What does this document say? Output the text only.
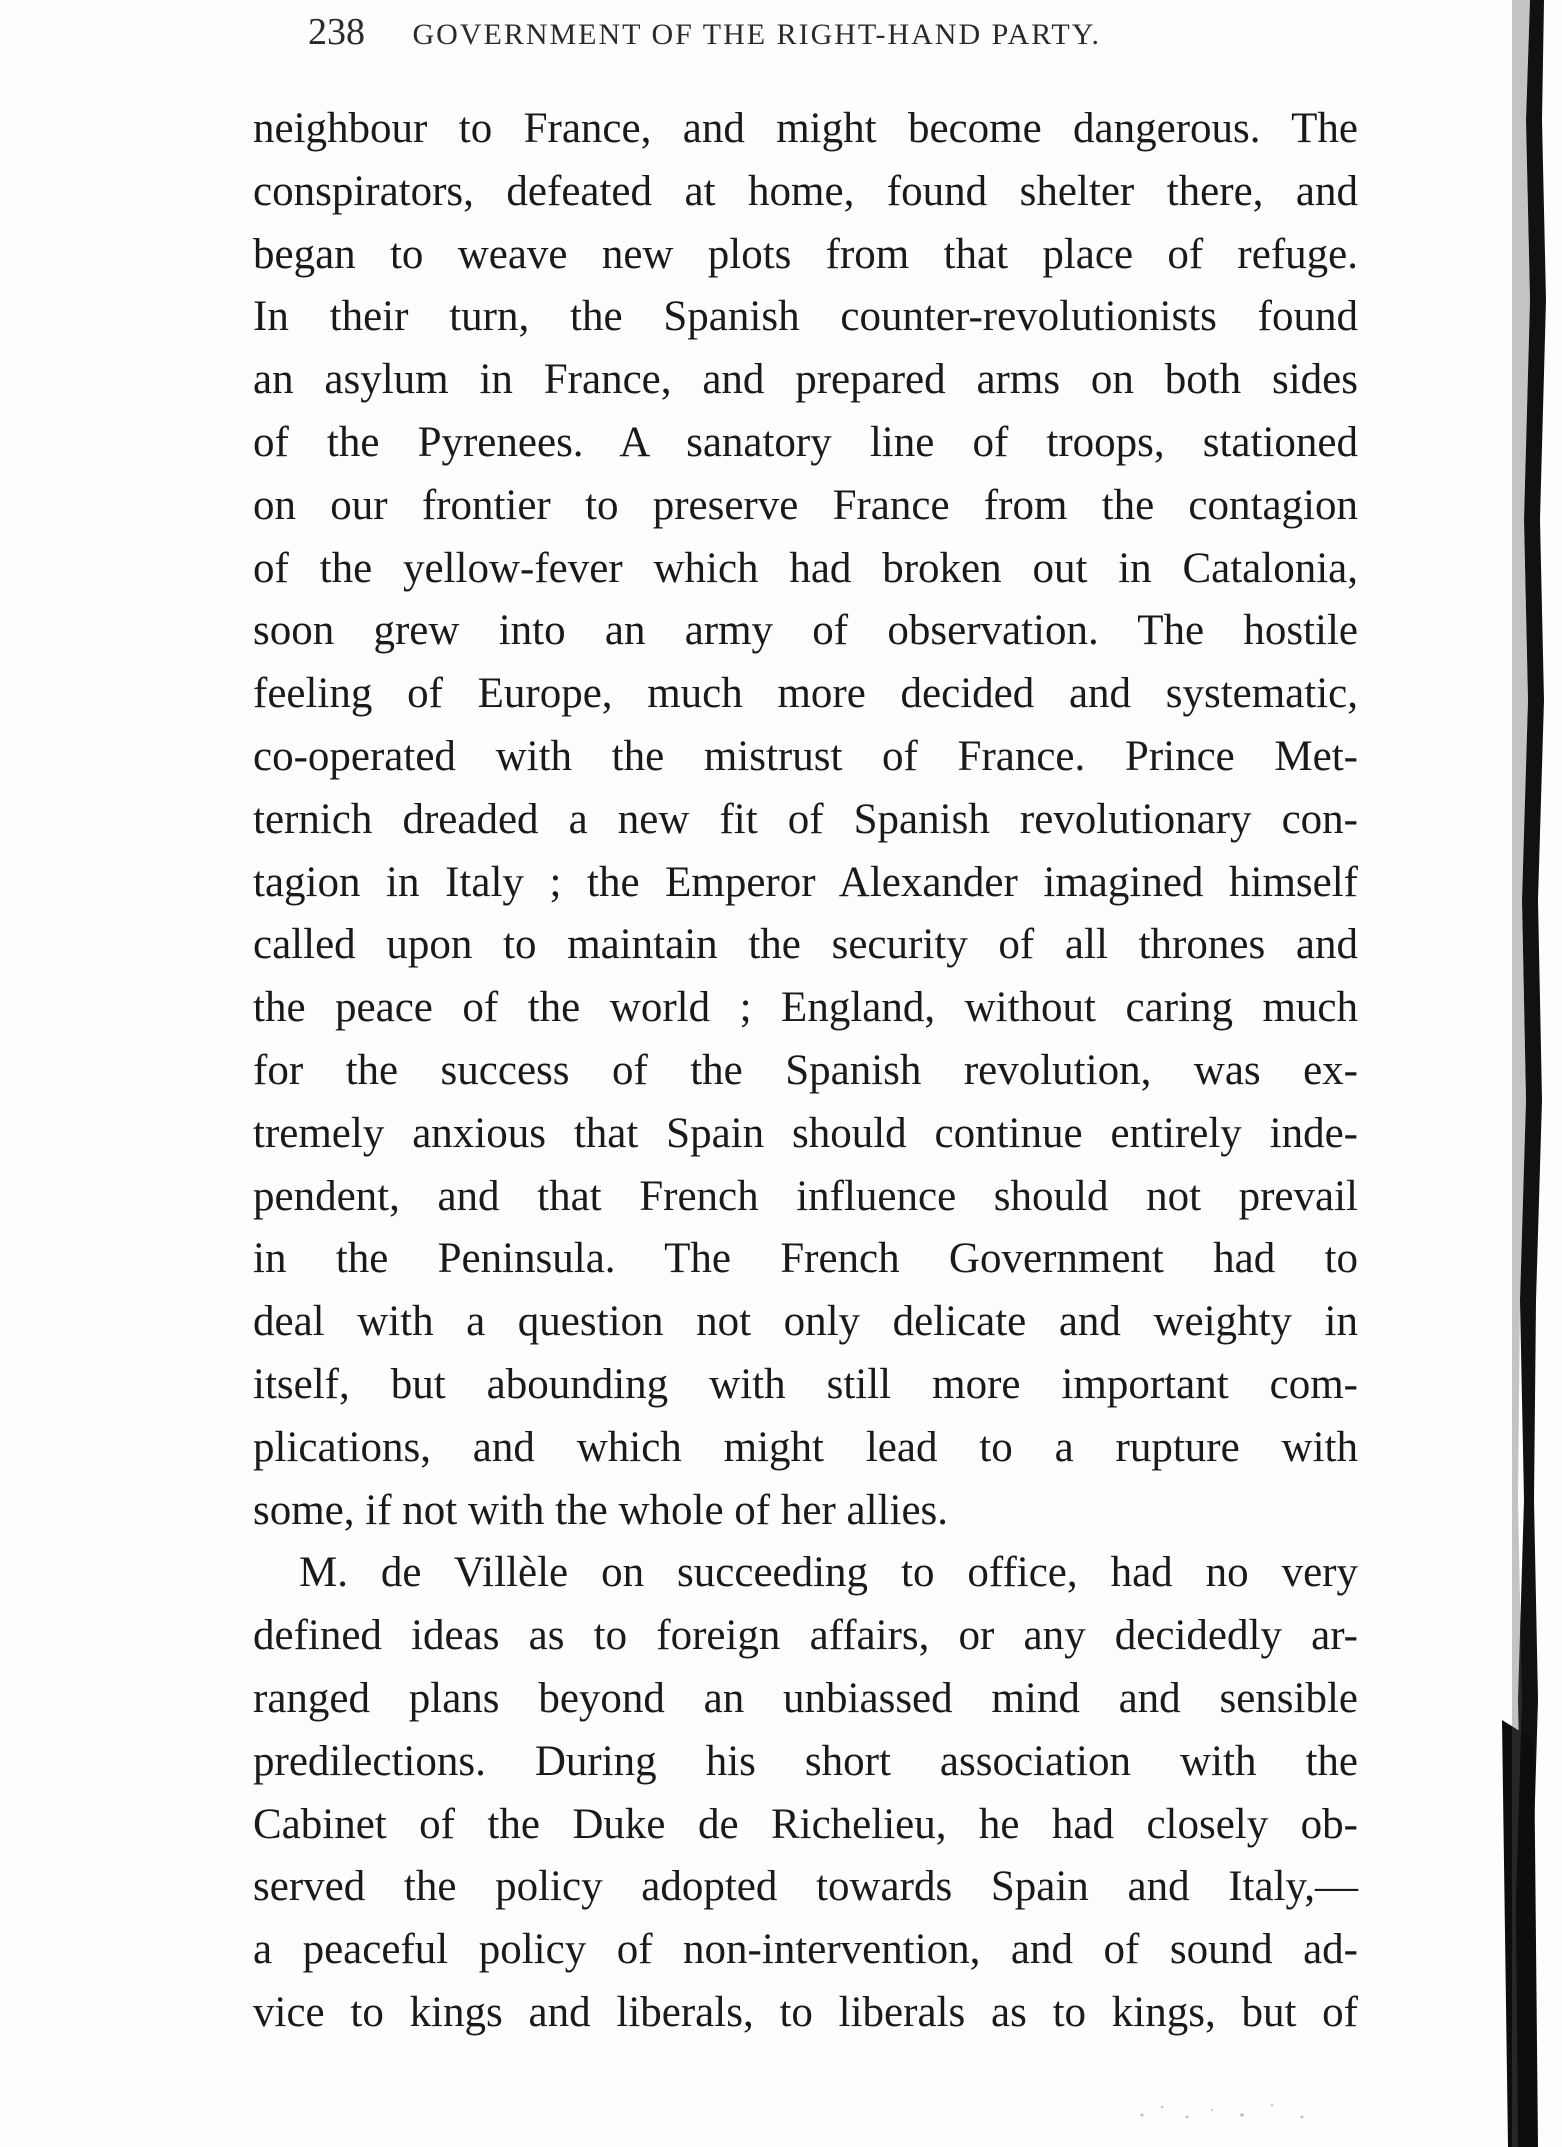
238 GOVERNMENT OF THE RIGHT-HAND PARTY.
neighbour to France, and might become dangerous. The
conspirators, defeated at home, found shelter there, and
began to weave new plots from that place of refuge.
In their turn, the Spanish counter-revolutionists found
an asylum in France, and prepared arms on both sides
of the Pyrenees. A sanatory line of troops, stationed
on our frontier to preserve France from the contagion
of the yellow-fever which had broken out in Catalonia,
soon grew into an army of observation. The hostile
feeling of Europe, much more decided and systematic,
co-operated with the mistrust of France. Prince Met-
ternich dreaded a new fit of Spanish revolutionary con-
tagion in Italy ; the Emperor Alexander imagined himself
called upon to maintain the security of all thrones and
the peace of the world ; England, without caring much
for the success of the Spanish revolution, was ex-
tremely anxious that Spain should continue entirely inde-
pendent, and that French influence should not prevail
in the Peninsula. The French Government had to
deal with a question not only delicate and weighty in
itself, but abounding with still more important com-
plications, and which might lead to a rupture with
some, if not with the whole of her allies.
M. de Villèle on succeeding to office, had no very
defined ideas as to foreign affairs, or any decidedly ar-
ranged plans beyond an unbiassed mind and sensible
predilections. During his short association with the
Cabinet of the Duke de Richelieu, he had closely ob-
served the policy adopted towards Spain and Italy,—
a peaceful policy of non-intervention, and of sound ad-
vice to kings and liberals, to liberals as to kings, but of
